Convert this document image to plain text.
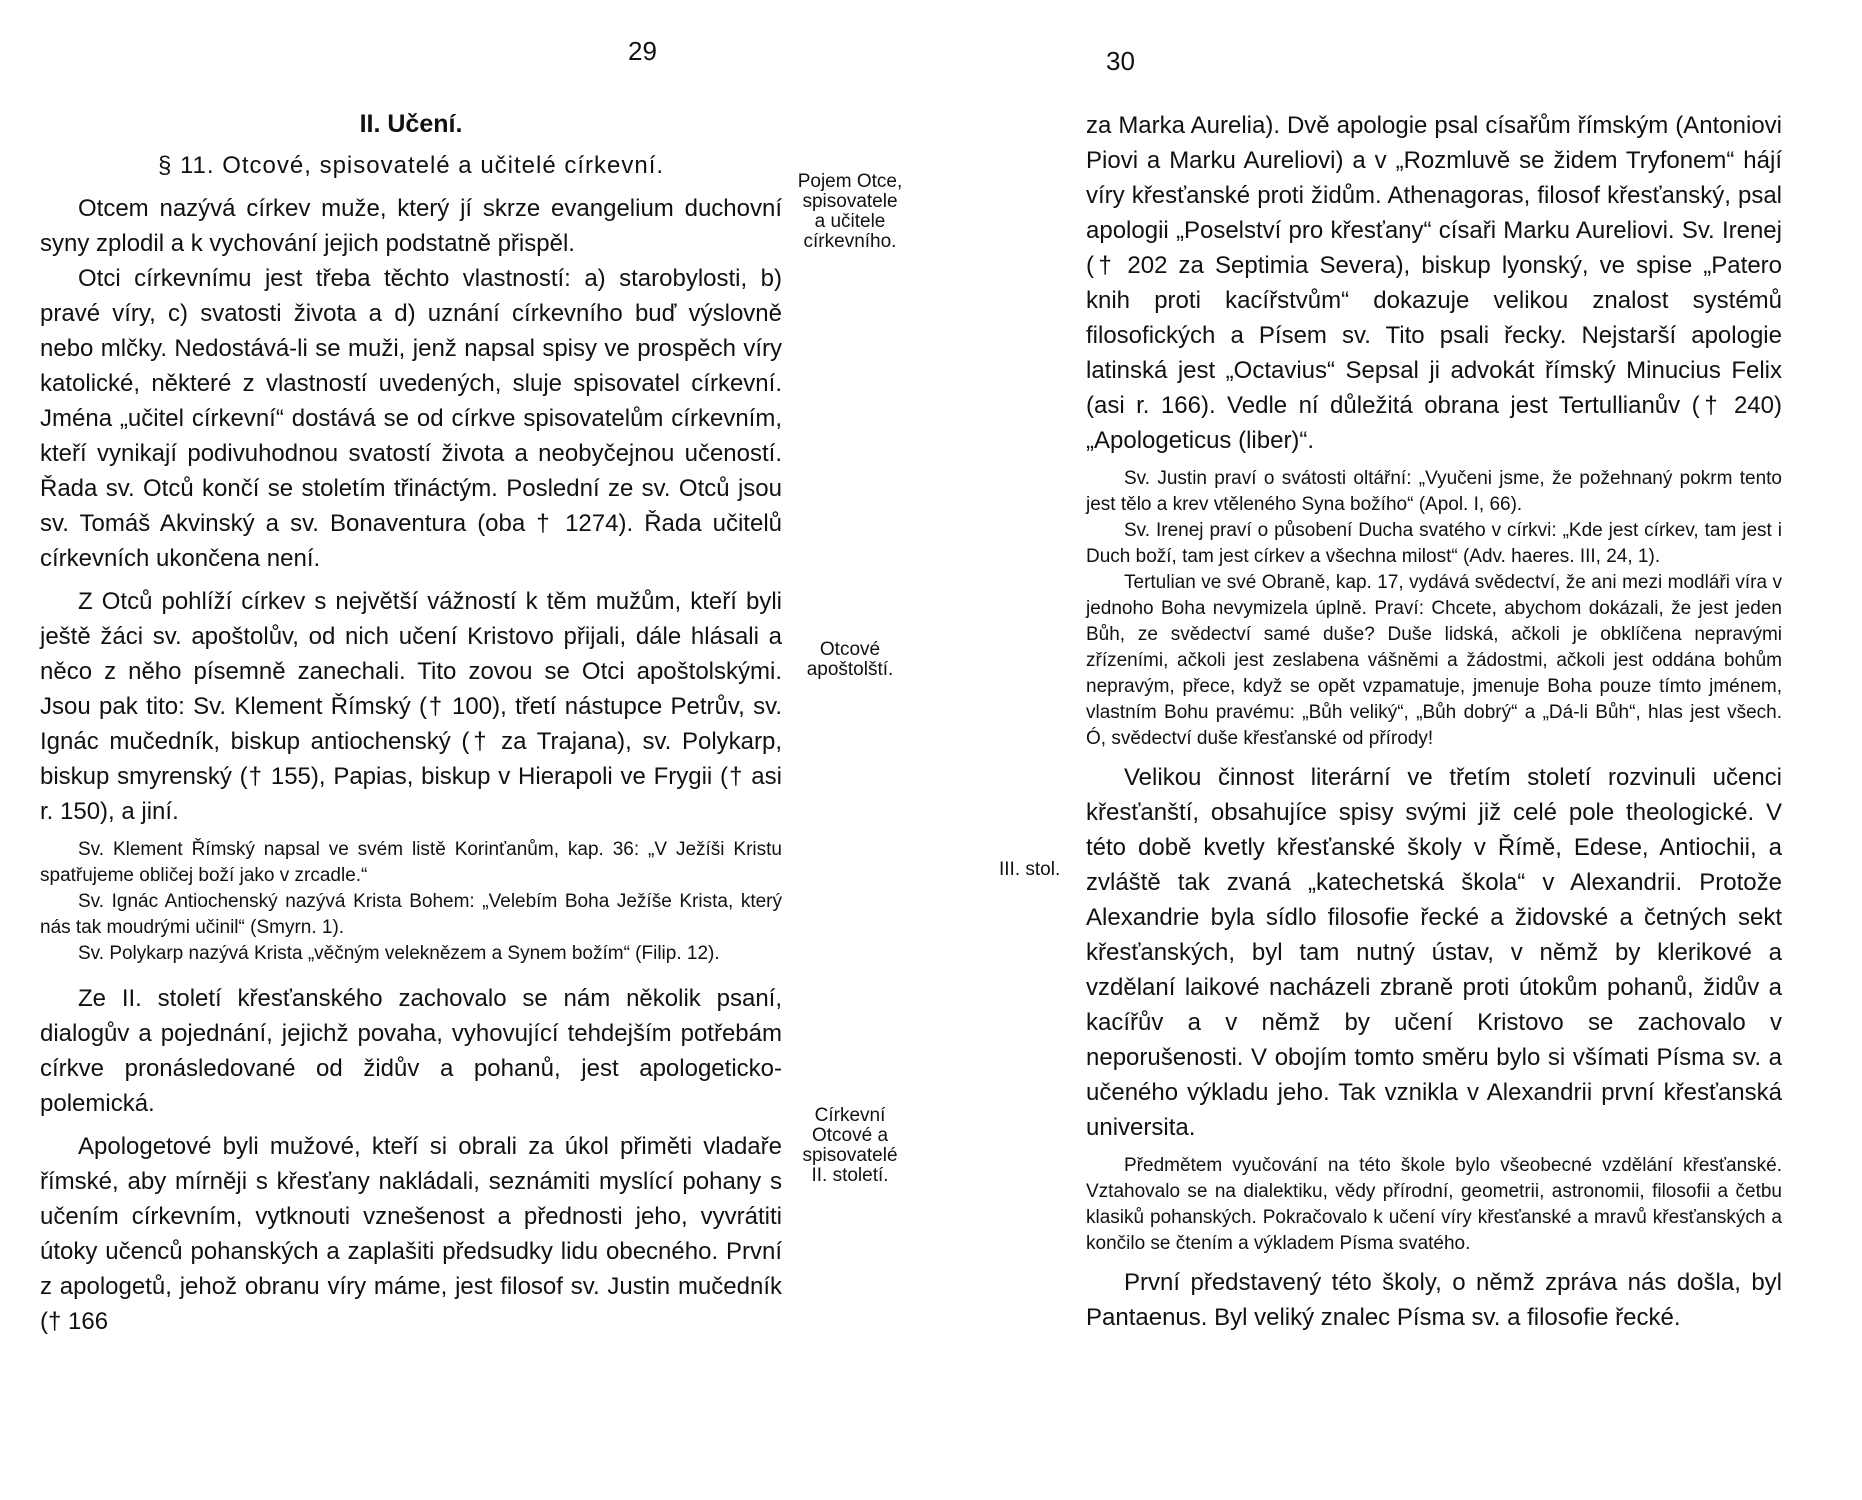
29
II. Učení.
§ 11. Otcové, spisovatelé a učitelé církevní.

Otcem nazývá církev muže, který jí skrze evangelium duchovní syny zplodil a k vychování jejich podstatně přispěl.

Otci církevnímu jest třeba těchto vlastností: a) starobylosti, b) pravé víry, c) svatosti života a d) uznání církevního buď výslovně nebo mlčky. Nedostává-li se muži, jenž napsal spisy ve prospěch víry katolické, některé z vlastností uvedených, sluje spisovatel církevní. Jména „učitel církevní“ dostává se od církve spisovatelům církevním, kteří vynikají podivuhodnou svatostí života a neobyčejnou učeností. Řada sv. Otců končí se stoletím třináctým. Poslední ze sv. Otců jsou sv. Tomáš Akvinský a sv. Bonaventura (oba † 1274). Řada učitelů církevních ukončena není.

Z Otců pohlíží církev s největší vážností k těm mužům, kteří byli ještě žáci sv. apoštolův, od nich učení Kristovo přijali, dále hlásali a něco z něho písemně zanechali. Tito zovou se Otci apoštolskými. Jsou pak tito: Sv. Klement Římský († 100), třetí nástupce Petrův, sv. Ignác mučedník, biskup antiochenský († za Trajana), sv. Polykarp, biskup smyrenský († 155), Papias, biskup v Hierapoli ve Frygii († asi r. 150), a jiní.

Sv. Klement Římský napsal ve svém listě Korinťanům, kap. 36: „V Ježíši Kristu spatřujeme obličej boží jako v zrcadle.“

Sv. Ignác Antiochenský nazývá Krista Bohem: „Velebím Boha Ježíše Krista, který nás tak moudrými učinil“ (Smyrn. 1).

Sv. Polykarp nazývá Krista „věčným veleknězem a Synem božím“ (Filip. 12).

Ze II. století křesťanského zachovalo se nám několik psaní, dialogův a pojednání, jejichž povaha, vyhovující tehdejším potřebám církve pronásledované od židův a pohanů, jest apologeticko-polemická.

Apologetové byli mužové, kteří si obrali za úkol přiměti vladaře římské, aby mírněji s křesťany nakládali, seznámiti myslící pohany s učením církevním, vytknouti vznešenost a přednosti jeho, vyvrátiti útoky učenců pohanských a zaplašiti předsudky lidu obecného. První z apologetů, jehož obranu víry máme, jest filosof sv. Justin mučedník († 166

Pojem Otce, spisovatele a učitele církevního.
Otcové apoštolští.
Církevní Otcové a spisovatelé II. století.
30

za Marka Aurelia). Dvě apologie psal císařům římským (Antoniovi Piovi a Marku Aureliovi) a v „Rozmluvě se židem Tryfonem“ hájí víry křesťanské proti židům. Athenagoras, filosof křesťanský, psal apologii „Poselství pro křesťany“ císaři Marku Aureliovi. Sv. Irenej († 202 za Septimia Severa), biskup lyonský, ve spise „Patero knih proti kacířstvům“ dokazuje velikou znalost systémů filosofických a Písem sv. Tito psali řecky. Nejstarší apologie latinská jest „Octavius“ Sepsal ji advokát římský Minucius Felix (asi r. 166). Vedle ní důležitá obrana jest Tertullianův († 240) „Apologeticus (liber)“.

Sv. Justin praví o svátosti oltářní: „Vyučeni jsme, že požehnaný pokrm tento jest tělo a krev vtěleného Syna božího“ (Apol. I, 66).

Sv. Irenej praví o působení Ducha svatého v církvi: „Kde jest církev, tam jest i Duch boží, tam jest církev a všechna milost“ (Adv. haeres. III, 24, 1).

Tertulian ve své Obraně, kap. 17, vydává svědectví, že ani mezi modláři víra v jednoho Boha nevymizela úplně. Praví: Chcete, abychom dokázali, že jest jeden Bůh, ze svědectví samé duše? Duše lidská, ačkoli je obklíčena nepravými zřízeními, ačkoli jest zeslabena vášněmi a žádostmi, ačkoli jest oddána bohům nepravým, přece, když se opět vzpamatuje, jmenuje Boha pouze tímto jménem, vlastním Bohu pravému: „Bůh veliký“, „Bůh dobrý“ a „Dá-li Bůh“, hlas jest všech. Ó, svědectví duše křesťanské od přírody!

Velikou činnost literární ve třetím století rozvinuli učenci křesťanští, obsahujíce spisy svými již celé pole theologické. V této době kvetly křesťanské školy v Římě, Edese, Antiochii, a zvláště tak zvaná „katechetská škola“ v Alexandrii. Protože Alexandrie byla sídlo filosofie řecké a židovské a četných sekt křesťanských, byl tam nutný ústav, v němž by klerikové a vzdělaní laikové nacházeli zbraně proti útokům pohanů, židův a kacířův a v němž by učení Kristovo se zachovalo v neporušenosti. V obojím tomto směru bylo si všímati Písma sv. a učeného výkladu jeho. Tak vznikla v Alexandrii první křesťanská universita.

Předmětem vyučování na této škole bylo všeobecné vzdělání křesťanské. Vztahovalo se na dialektiku, vědy přírodní, geometrii, astronomii, filosofii a četbu klasiků pohanských. Pokračovalo k učení víry křesťanské a mravů křesťanských a končilo se čtením a výkladem Písma svatého.

První představený této školy, o němž zpráva nás došla, byl Pantaenus. Byl veliký znalec Písma sv. a filosofie řecké.

III. stol.
